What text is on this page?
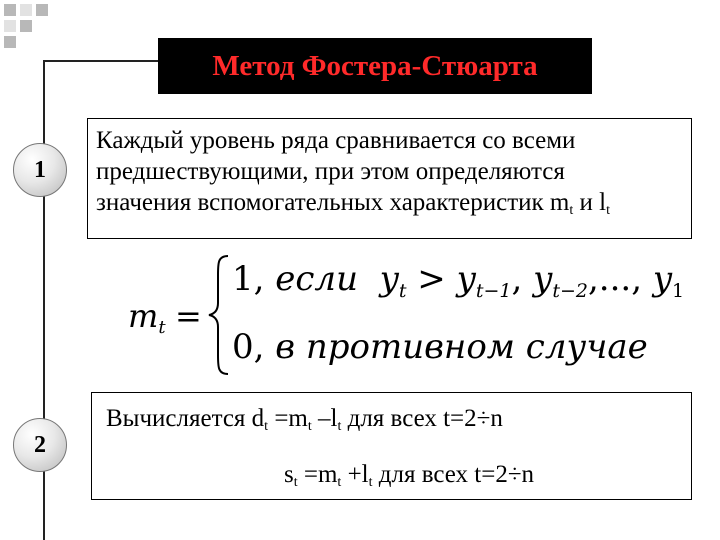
Метод Фостера-Стюарта
1
Каждый уровень ряда сравнивается со всеми
предшествующими, при этом определяются
значения вспомогательных характеристик $m_t$ и $l_t$
mt =
1, если $y_t > y_{t-1}$, $y_{t-2}$,..., $y_1$
0, в противном случае
2
Вычисляется $d_t =m_t$ $-l_t$ для всех t=2÷n
$s_t =m_t +l_t$ для всех t=2÷n
